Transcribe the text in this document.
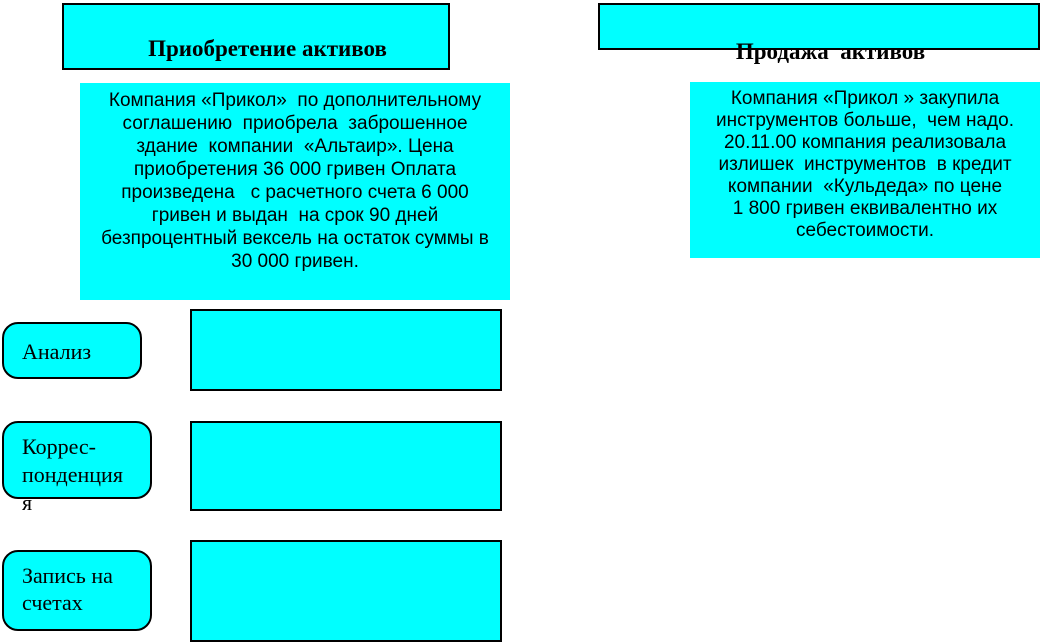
Приобретение активов
	Продажа  активов

Компания «Прикол»  по дополнительному
соглашению  приобрела  заброшенное
здание  компании  «Альтаир». Цена
приобретения 36 000 гривен Оплата
произведена   с расчетного счета 6 000
гривен и выдан  на срок 90 дней
безпроцентный вексель на остаток суммы в
30 000 гривен.
Компания «Прикол » закупила
инструментов больше,  чем надо.
20.11.00 компания реализовала
излишек  инструментов  в кредит
компании  «Кульдеда» по цене
1 800 гривен еквивалентно их
себестоимости.
Анализ
Коррес-
понденция
я
Запись на
счетах
